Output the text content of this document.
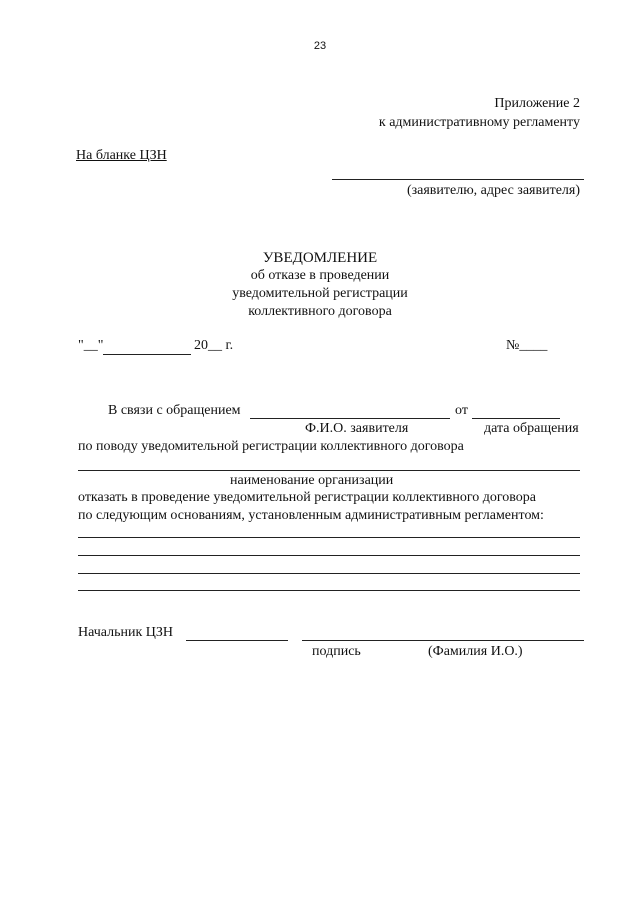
23
Приложение 2
к административному регламенту
На бланке ЦЗН
(заявителю, адрес заявителя)
УВЕДОМЛЕНИЕ
об отказе в проведении
уведомительной регистрации
коллективного договора
"__"	20__ г.	№____
В связи с обращением	от
Ф.И.О. заявителя	дата обращения
по поводу уведомительной регистрации коллективного договора
наименование организации
отказать в проведение уведомительной регистрации коллективного договора
по следующим основаниям, установленным административным регламентом:
Начальник ЦЗН
подпись	(Фамилия И.О.)
